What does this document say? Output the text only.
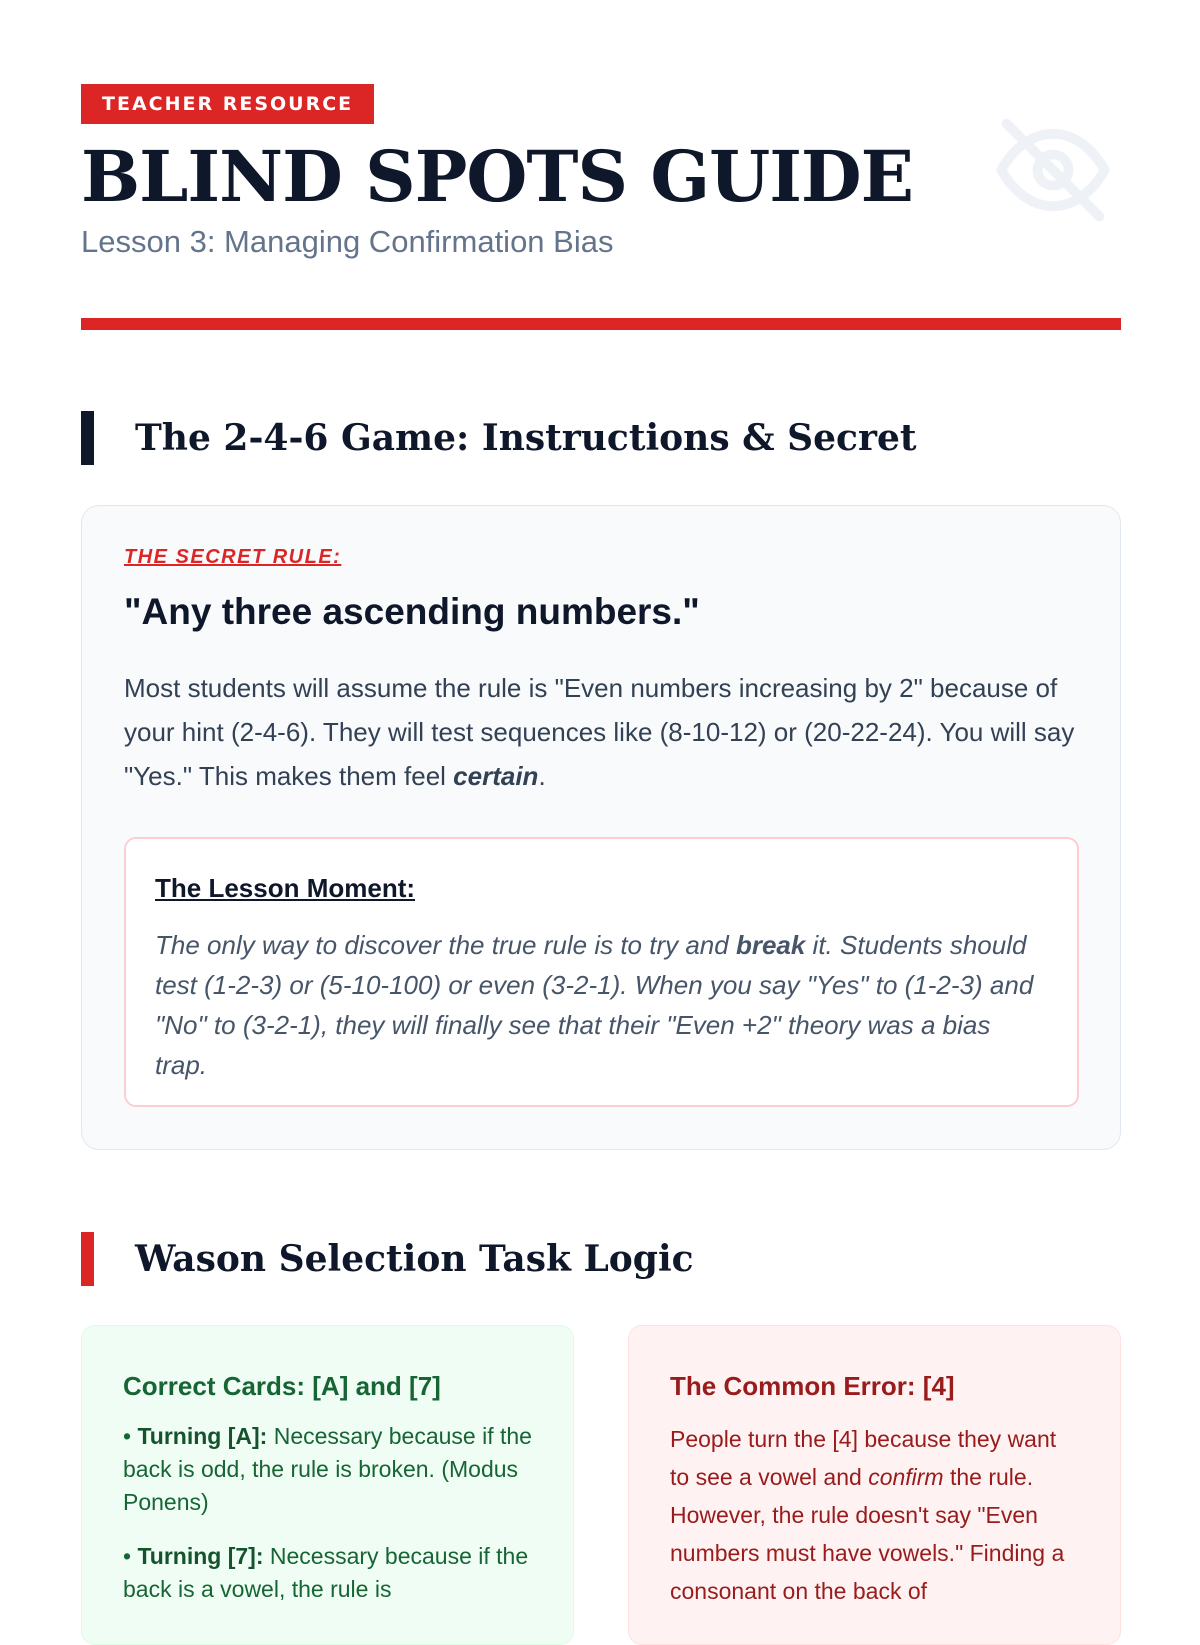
TEACHER RESOURCE
BLIND SPOTS GUIDE

Lesson 3: Managing Confirmation Bias

The 2-4-6 Game: Instructions & Secret
THE SECRET RULE:

"Any three ascending numbers."

Most students will assume the rule is "Even numbers increasing by 2" because of your hint (2-4-6). They will test sequences like (8-10-12) or (20-22-24). You will say "Yes." This makes them feel certain.

The Lesson Moment:

The only way to discover the true rule is to try and break it. Students should test (1-2-3) or (5-10-100) or even (3-2-1). When you say "Yes" to (1-2-3) and "No" to (3-2-1), they will finally see that their "Even +2" theory was a bias trap.

Wason Selection Task Logic
Correct Cards: [A] and [7]

• Turning [A]: Necessary because if the back is odd, the rule is broken. (Modus Ponens)

• Turning [7]: Necessary because if the back is a vowel, the rule is

The Common Error: [4]

People turn the [4] because they want to see a vowel and confirm the rule. However, the rule doesn't say "Even numbers must have vowels." Finding a consonant on the back of
